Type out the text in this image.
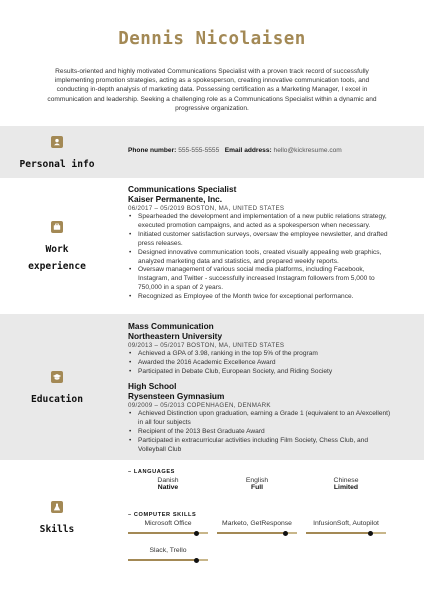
Dennis Nicolaisen
Results-oriented and highly motivated Communications Specialist with a proven track record of successfully implementing promotion strategies, acting as a spokesperson, creating innovative communication tools, and conducting in-depth analysis of marketing data. Possessing certification as a Marketing Manager, I excel in communication and leadership. Seeking a challenging role as a Communications Specialist within a dynamic and progressive organization.
Personal info
Phone number: 555-555-5555 Email address: hello@kickresume.com
Work
experience
Communications Specialist
Kaiser Permanente, Inc.
06/2017 – 05/2019 BOSTON, MA, UNITED STATES
• Spearheaded the development and implementation of a new public relations strategy, executed promotion campaigns, and acted as a spokesperson when necessary.
• Initiated customer satisfaction surveys, oversaw the employee newsletter, and drafted press releases.
• Designed innovative communication tools, created visually appealing web graphics, analyzed marketing data and statistics, and prepared weekly reports.
• Oversaw management of various social media platforms, including Facebook, Instagram, and Twitter - successfully increased Instagram followers from 5,000 to 750,000 in a span of 2 years.
• Recognized as Employee of the Month twice for exceptional performance.
Education
Mass Communication
Northeastern University
09/2013 – 05/2017 BOSTON, MA, UNITED STATES
• Achieved a GPA of 3.98, ranking in the top 5% of the program
• Awarded the 2016 Academic Excellence Award
• Participated in Debate Club, European Society, and Riding Society
High School
Rysensteen Gymnasium
09/2009 – 05/2013 COPENHAGEN, DENMARK
• Achieved Distinction upon graduation, earning a Grade 1 (equivalent to an A/excellent) in all four subjects
• Recipient of the 2013 Best Graduate Award
• Participated in extracurricular activities including Film Society, Chess Club, and Volleyball Club
Skills
– LANGUAGES
Danish
Native
English
Full
Chinese
Limited
– COMPUTER SKILLS
Microsoft Office	Marketo, GetResponse	InfusionSoft, Autopilot
Slack, Trello
